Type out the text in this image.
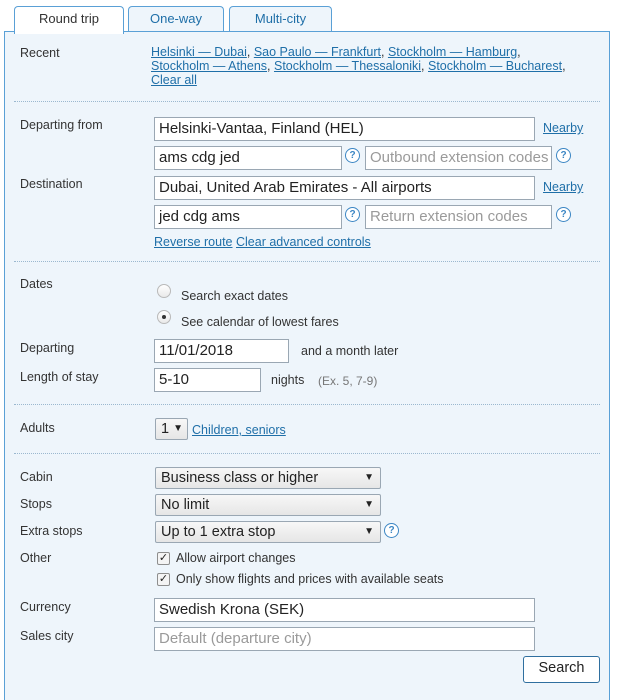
Round trip	One-way	Multi-city
Recent	Helsinki — Dubai, Sao Paulo — Frankfurt, Stockholm — Hamburg,
Stockholm — Athens, Stockholm — Thessaloniki, Stockholm — Bucharest,
Clear all
Departing from	Helsinki-Vantaa, Finland (HEL)	Nearby
ams cdg jed	? Outbound extension codes	?
Destination	Dubai, United Arab Emirates - All airports	Nearby
jed cdg ams	? Return extension codes	?
Reverse route Clear advanced controls
Dates
Search exact dates
See calendar of lowest fares
Departing	11/01/2018	and a month later
Length of stay	5-10	nights (Ex. 5, 7-9)
Adults	1 ▼ Children, seniors
Cabin	Business class or higher	▼
Stops	No limit	▼
Extra stops	Up to 1 extra stop	▼	?
Other	✓ Allow airport changes
✓ Only show flights and prices with available seats
Currency	Swedish Krona (SEK)
Sales city	Default (departure city)
Search
